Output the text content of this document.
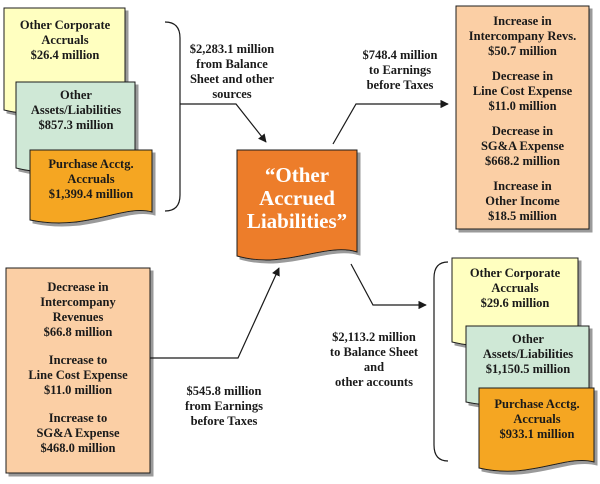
Other Corporate
Accruals
$26.4 million
Other
Assets/Liabilities
$857.3 million
Purchase Acctg.
Accruals
$1,399.4 million
$2,283.1 million
from Balance
Sheet and other
sources
$748.4 million
to Earnings
before Taxes
“Other
Accrued
Liabilities”
Increase in
Intercompany Revs.
$50.7 million
Decrease in
Line Cost Expense
$11.0 million
Decrease in
SG&A Expense
$668.2 million
Increase in
Other Income
$18.5 million
Decrease in
Intercompany
Revenues
$66.8 million
Increase to
Line Cost Expense
$11.0 million
Increase to
SG&A Expense
$468.0 million
$545.8 million
from Earnings
before Taxes
$2,113.2 million
to Balance Sheet
and
other accounts
Other Corporate
Accruals
$29.6 million
Other
Assets/Liabilities
$1,150.5 million
Purchase Acctg.
Accruals
$933.1 million
